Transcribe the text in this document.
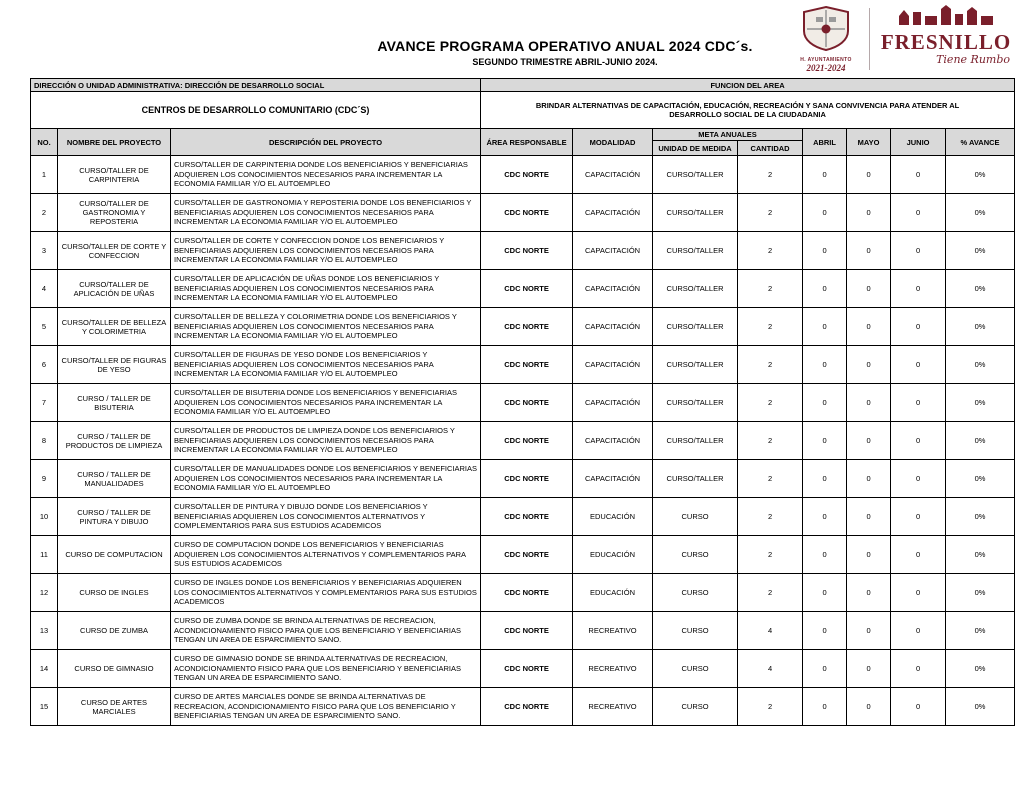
AVANCE PROGRAMA OPERATIVO ANUAL 2024 CDC´s.
SEGUNDO TRIMESTRE ABRIL-JUNIO 2024.	H. AYUNTAMIENTO
2021-2024
FRESNILLO
Tiene Rumbo
DIRECCIÓN O UNIDAD ADMINISTRATIVA: DIRECCIÓN DE DESARROLLO SOCIAL			FUNCION DEL AREA							
CENTROS DE DESARROLLO COMUNITARIO (CDC´S)			BRINDAR ALTERNATIVAS DE CAPACITACIÓN, EDUCACIÓN, RECREACIÓN Y SANA CONVIVENCIA PARA ATENDER AL DESARROLLO SOCIAL DE LA CIUDADANIA							
NO.	NOMBRE DEL PROYECTO	DESCRIPCIÓN DEL PROYECTO	ÁREA RESPONSABLE	MODALIDAD	META ANUALES		ABRIL	MAYO	JUNIO	% AVANCE
					UNIDAD DE MEDIDA	CANTIDAD				
1	CURSO/TALLER DE CARPINTERIA	CURSO/TALLER DE CARPINTERIA DONDE LOS BENEFICIARIOS Y BENEFICIARIAS ADQUIEREN LOS CONOCIMIENTOS NECESARIOS PARA INCREMENTAR LA ECONOMIA FAMILIAR Y/O EL AUTOEMPLEO	CDC NORTE	CAPACITACIÓN	CURSO/TALLER	2	0	0	0	0%
2	CURSO/TALLER DE GASTRONOMIA Y REPOSTERIA	CURSO/TALLER DE GASTRONOMIA Y REPOSTERIA DONDE LOS BENEFICIARIOS Y BENEFICIARIAS ADQUIEREN LOS CONOCIMIENTOS NECESARIOS PARA INCREMENTAR LA ECONOMIA FAMILIAR Y/O EL AUTOEMPLEO	CDC NORTE	CAPACITACIÓN	CURSO/TALLER	2	0	0	0	0%
3	CURSO/TALLER DE CORTE Y CONFECCION	CURSO/TALLER DE CORTE Y CONFECCION DONDE LOS BENEFICIARIOS Y BENEFICIARIAS ADQUIEREN LOS CONOCIMIENTOS NECESARIOS PARA INCREMENTAR LA ECONOMIA FAMILIAR Y/O EL AUTOEMPLEO	CDC NORTE	CAPACITACIÓN	CURSO/TALLER	2	0	0	0	0%
4	CURSO/TALLER DE APLICACIÓN DE UÑAS	CURSO/TALLER DE APLICACIÓN DE UÑAS DONDE LOS BENEFICIARIOS Y BENEFICIARIAS ADQUIEREN LOS CONOCIMIENTOS NECESARIOS PARA INCREMENTAR LA ECONOMIA FAMILIAR Y/O EL AUTOEMPLEO	CDC NORTE	CAPACITACIÓN	CURSO/TALLER	2	0	0	0	0%
5	CURSO/TALLER DE BELLEZA Y COLORIMETRIA	CURSO/TALLER DE BELLEZA Y COLORIMETRIA DONDE LOS BENEFICIARIOS Y BENEFICIARIAS ADQUIEREN LOS CONOCIMIENTOS NECESARIOS PARA INCREMENTAR LA ECONOMIA FAMILIAR Y/O EL AUTOEMPLEO	CDC NORTE	CAPACITACIÓN	CURSO/TALLER	2	0	0	0	0%
6	CURSO/TALLER DE FIGURAS DE YESO	CURSO/TALLER DE FIGURAS DE YESO DONDE LOS BENEFICIARIOS Y BENEFICIARIAS ADQUIEREN LOS CONOCIMIENTOS NECESARIOS PARA INCREMENTAR LA ECONOMIA FAMILIAR Y/O EL AUTOEMPLEO	CDC NORTE	CAPACITACIÓN	CURSO/TALLER	2	0	0	0	0%
7	CURSO / TALLER DE BISUTERIA	CURSO/TALLER DE BISUTERIA DONDE LOS BENEFICIARIOS Y BENEFICIARIAS ADQUIEREN LOS CONOCIMIENTOS NECESARIOS PARA INCREMENTAR LA ECONOMIA FAMILIAR Y/O EL AUTOEMPLEO	CDC NORTE	CAPACITACIÓN	CURSO/TALLER	2	0	0	0	0%
8	CURSO / TALLER DE PRODUCTOS DE LIMPIEZA	CURSO/TALLER DE PRODUCTOS DE LIMPIEZA DONDE LOS BENEFICIARIOS Y BENEFICIARIAS ADQUIEREN LOS CONOCIMIENTOS NECESARIOS PARA INCREMENTAR LA ECONOMIA FAMILIAR Y/O EL AUTOEMPLEO	CDC NORTE	CAPACITACIÓN	CURSO/TALLER	2	0	0	0	0%
9	CURSO / TALLER DE MANUALIDADES	CURSO/TALLER DE MANUALIDADES DONDE LOS BENEFICIARIOS Y BENEFICIARIAS ADQUIEREN LOS CONOCIMIENTOS NECESARIOS PARA INCREMENTAR LA ECONOMIA FAMILIAR Y/O EL AUTOEMPLEO	CDC NORTE	CAPACITACIÓN	CURSO/TALLER	2	0	0	0	0%
10	CURSO / TALLER DE PINTURA Y DIBUJO	CURSO/TALLER DE PINTURA Y DIBUJO DONDE LOS BENEFICIARIOS Y BENEFICIARIAS ADQUIEREN LOS CONOCIMIENTOS ALTERNATIVOS Y COMPLEMENTARIOS PARA SUS ESTUDIOS ACADEMICOS	CDC NORTE	EDUCACIÓN	CURSO	2	0	0	0	0%
11	CURSO DE COMPUTACION	CURSO DE COMPUTACION DONDE LOS BENEFICIARIOS Y BENEFICIARIAS ADQUIEREN LOS CONOCIMIENTOS ALTERNATIVOS Y COMPLEMENTARIOS PARA SUS ESTUDIOS ACADEMICOS	CDC NORTE	EDUCACIÓN	CURSO	2	0	0	0	0%
12	CURSO DE INGLES	CURSO DE INGLES DONDE LOS BENEFICIARIOS Y BENEFICIARIAS ADQUIEREN LOS CONOCIMIENTOS ALTERNATIVOS Y COMPLEMENTARIOS PARA SUS ESTUDIOS ACADEMICOS	CDC NORTE	EDUCACIÓN	CURSO	2	0	0	0	0%
13	CURSO DE ZUMBA	CURSO DE ZUMBA DONDE SE BRINDA ALTERNATIVAS DE RECREACION, ACONDICIONAMIENTO FISICO PARA QUE LOS BENEFICIARIO Y BENEFICIARIAS TENGAN UN AREA DE ESPARCIMIENTO SANO.	CDC NORTE	RECREATIVO	CURSO	4	0	0	0	0%
14	CURSO DE GIMNASIO	CURSO DE GIMNASIO DONDE SE BRINDA ALTERNATIVAS DE RECREACION, ACONDICIONAMIENTO FISICO PARA QUE LOS BENEFICIARIO Y BENEFICIARIAS TENGAN UN AREA DE ESPARCIMIENTO SANO.	CDC NORTE	RECREATIVO	CURSO	4	0	0	0	0%
15	CURSO DE ARTES MARCIALES	CURSO DE ARTES MARCIALES DONDE SE BRINDA ALTERNATIVAS DE RECREACION, ACONDICIONAMIENTO FISICO PARA QUE LOS BENEFICIARIO Y BENEFICIARIAS TENGAN UN AREA DE ESPARCIMIENTO SANO.	CDC NORTE	RECREATIVO	CURSO	2	0	0	0	0%
